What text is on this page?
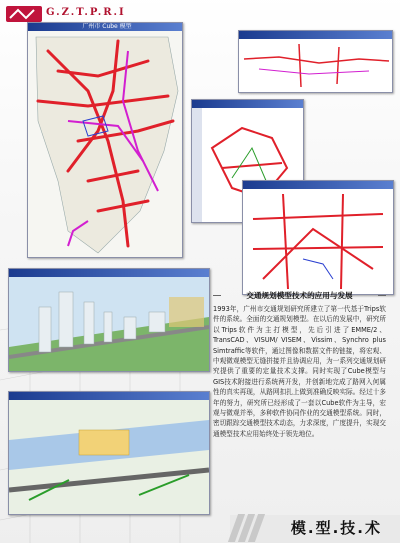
G.Z.T.P.R.I
广州市 Cube 模型
交通规划模型技术的应用与发展
1993年，广州市交通规划研究所建立了第一代基于Trips软件的系统。全面的交通规划模型。在以后的发展中，研究所以Trips软件为主打模型，先后引进了EMME/2、TransCAD、VISUM/ VISEM、Vissim、Synchro plus Simtraffic等软件，通过图像和数据文件的链接，将宏观、中观微观模型无缝拼接并且协调应用，为一系列交通规划研究提供了重要的定量技术支撑。同时实现了Cube模型与GIS技术附接进行系统两开发，并创新地完成了路网入何属性的真实再现，从路网扣扎上做到准确反映实际。经过十多年的努力，研究所已经形成了一套以Cube软件为主导，宏观与微观并举，多种软件协同作业的交通模型系统。同时，密切跟踪交通模型技术动态，力求深度，广度提升，实现交通模型技术应用始终处于领先地位。
模.型.技.术
